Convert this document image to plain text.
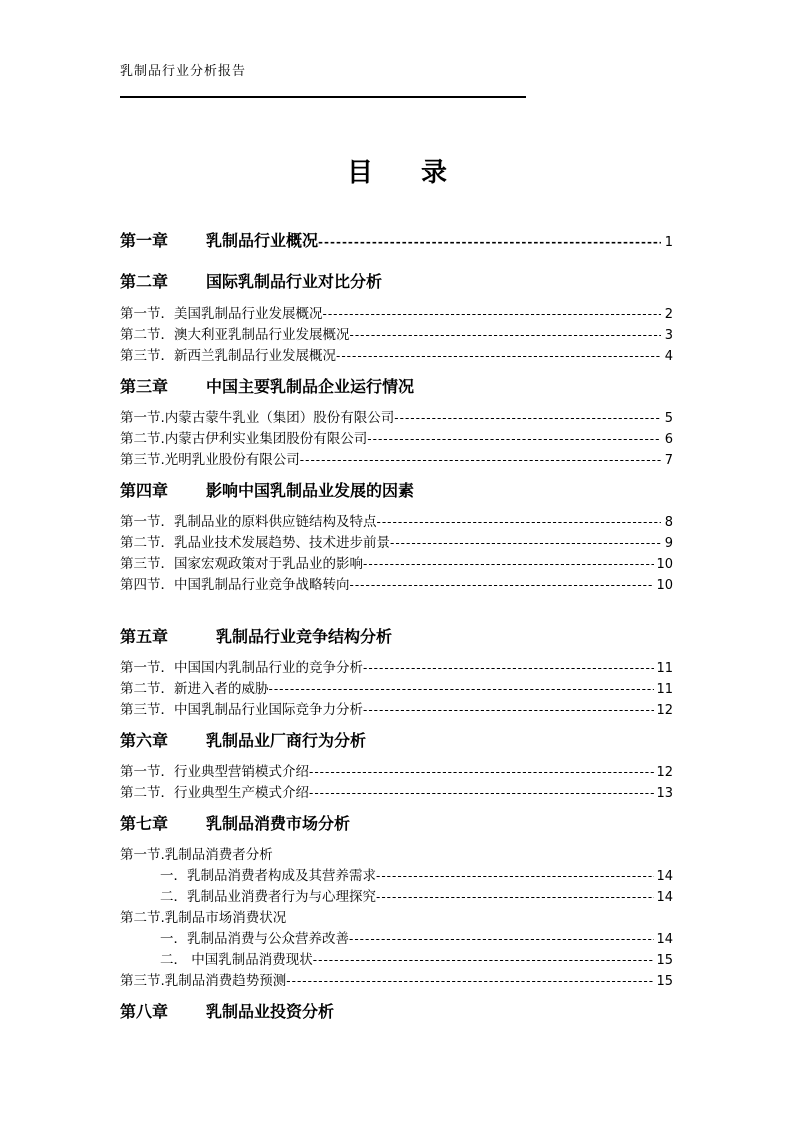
乳制品行业分析报告
目 录
第一章	乳制品行业概况 -----	1
第二章	国际乳制品行业对比分析
第一节．美国乳制品行业发展概况 -----	2
第二节．澳大利亚乳制品行业发展概况 -----	3
第三节．新西兰乳制品行业发展概况 -----	4
第三章	中国主要乳制品企业运行情况
第一节.内蒙古蒙牛乳业（集团）股份有限公司 -----	5
第二节.内蒙古伊利实业集团股份有限公司 -----	6
第三节.光明乳业股份有限公司 -----	7
第四章	影响中国乳制品业发展的因素
第一节．乳制品业的原料供应链结构及特点 -----	8
第二节．乳品业技术发展趋势、技术进步前景 -----	9
第三节．国家宏观政策对于乳品业的影响 -----	10
第四节．中国乳制品行业竞争战略转向 -----	10
第五章	乳制品行业竞争结构分析
第一节．中国国内乳制品行业的竞争分析 -----	11
第二节．新进入者的威胁 -----	11
第三节．中国乳制品行业国际竞争力分析 -----	12
第六章	乳制品业厂商行为分析
第一节．行业典型营销模式介绍 -----	12
第二节．行业典型生产模式介绍 -----	13
第七章	乳制品消费市场分析
第一节.乳制品消费者分析
一．乳制品消费者构成及其营养需求 -----	14
二．乳制品业消费者行为与心理探究 -----	14
第二节.乳制品市场消费状况
一．乳制品消费与公众营养改善 -----	14
二． 中国乳制品消费现状 -----	15
第三节.乳制品消费趋势预测 -----	15
第八章	乳制品业投资分析
